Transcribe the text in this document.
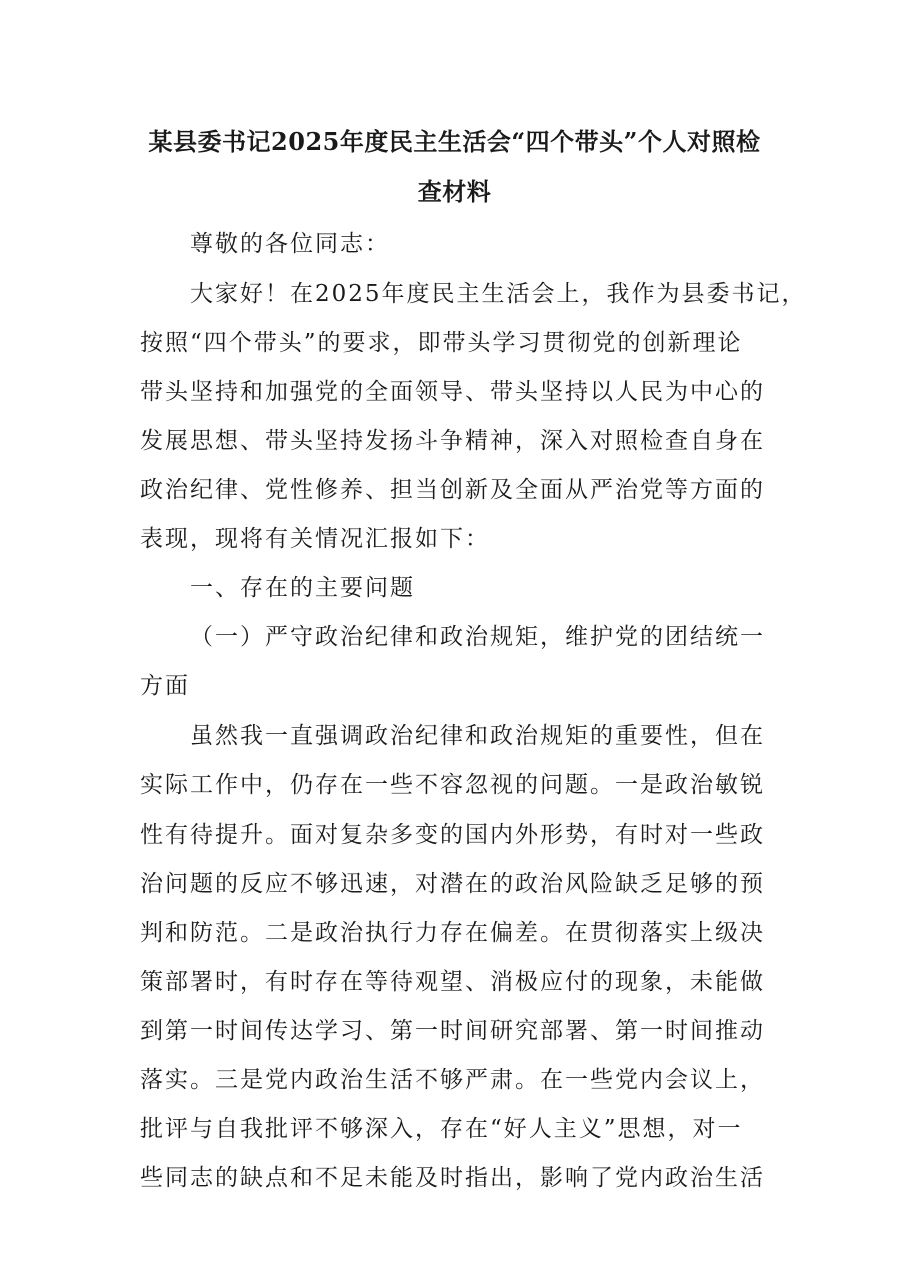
某县委书记2025年度民主生活会“四个带头”个人对照检
查材料
尊敬的各位同志：
大家好！在2025年度民主生活会上，我作为县委书记，
按照“四个带头”的要求，即带头学习贯彻党的创新理论
带头坚持和加强党的全面领导、带头坚持以人民为中心的
发展思想、带头坚持发扬斗争精神，深入对照检查自身在
政治纪律、党性修养、担当创新及全面从严治党等方面的
表现，现将有关情况汇报如下：
一、存在的主要问题
（一）严守政治纪律和政治规矩，维护党的团结统一
方面
虽然我一直强调政治纪律和政治规矩的重要性，但在
实际工作中，仍存在一些不容忽视的问题。一是政治敏锐
性有待提升。面对复杂多变的国内外形势，有时对一些政
治问题的反应不够迅速，对潜在的政治风险缺乏足够的预
判和防范。二是政治执行力存在偏差。在贯彻落实上级决
策部署时，有时存在等待观望、消极应付的现象，未能做
到第一时间传达学习、第一时间研究部署、第一时间推动
落实。三是党内政治生活不够严肃。在一些党内会议上，
批评与自我批评不够深入，存在“好人主义”思想，对一
些同志的缺点和不足未能及时指出，影响了党内政治生活
